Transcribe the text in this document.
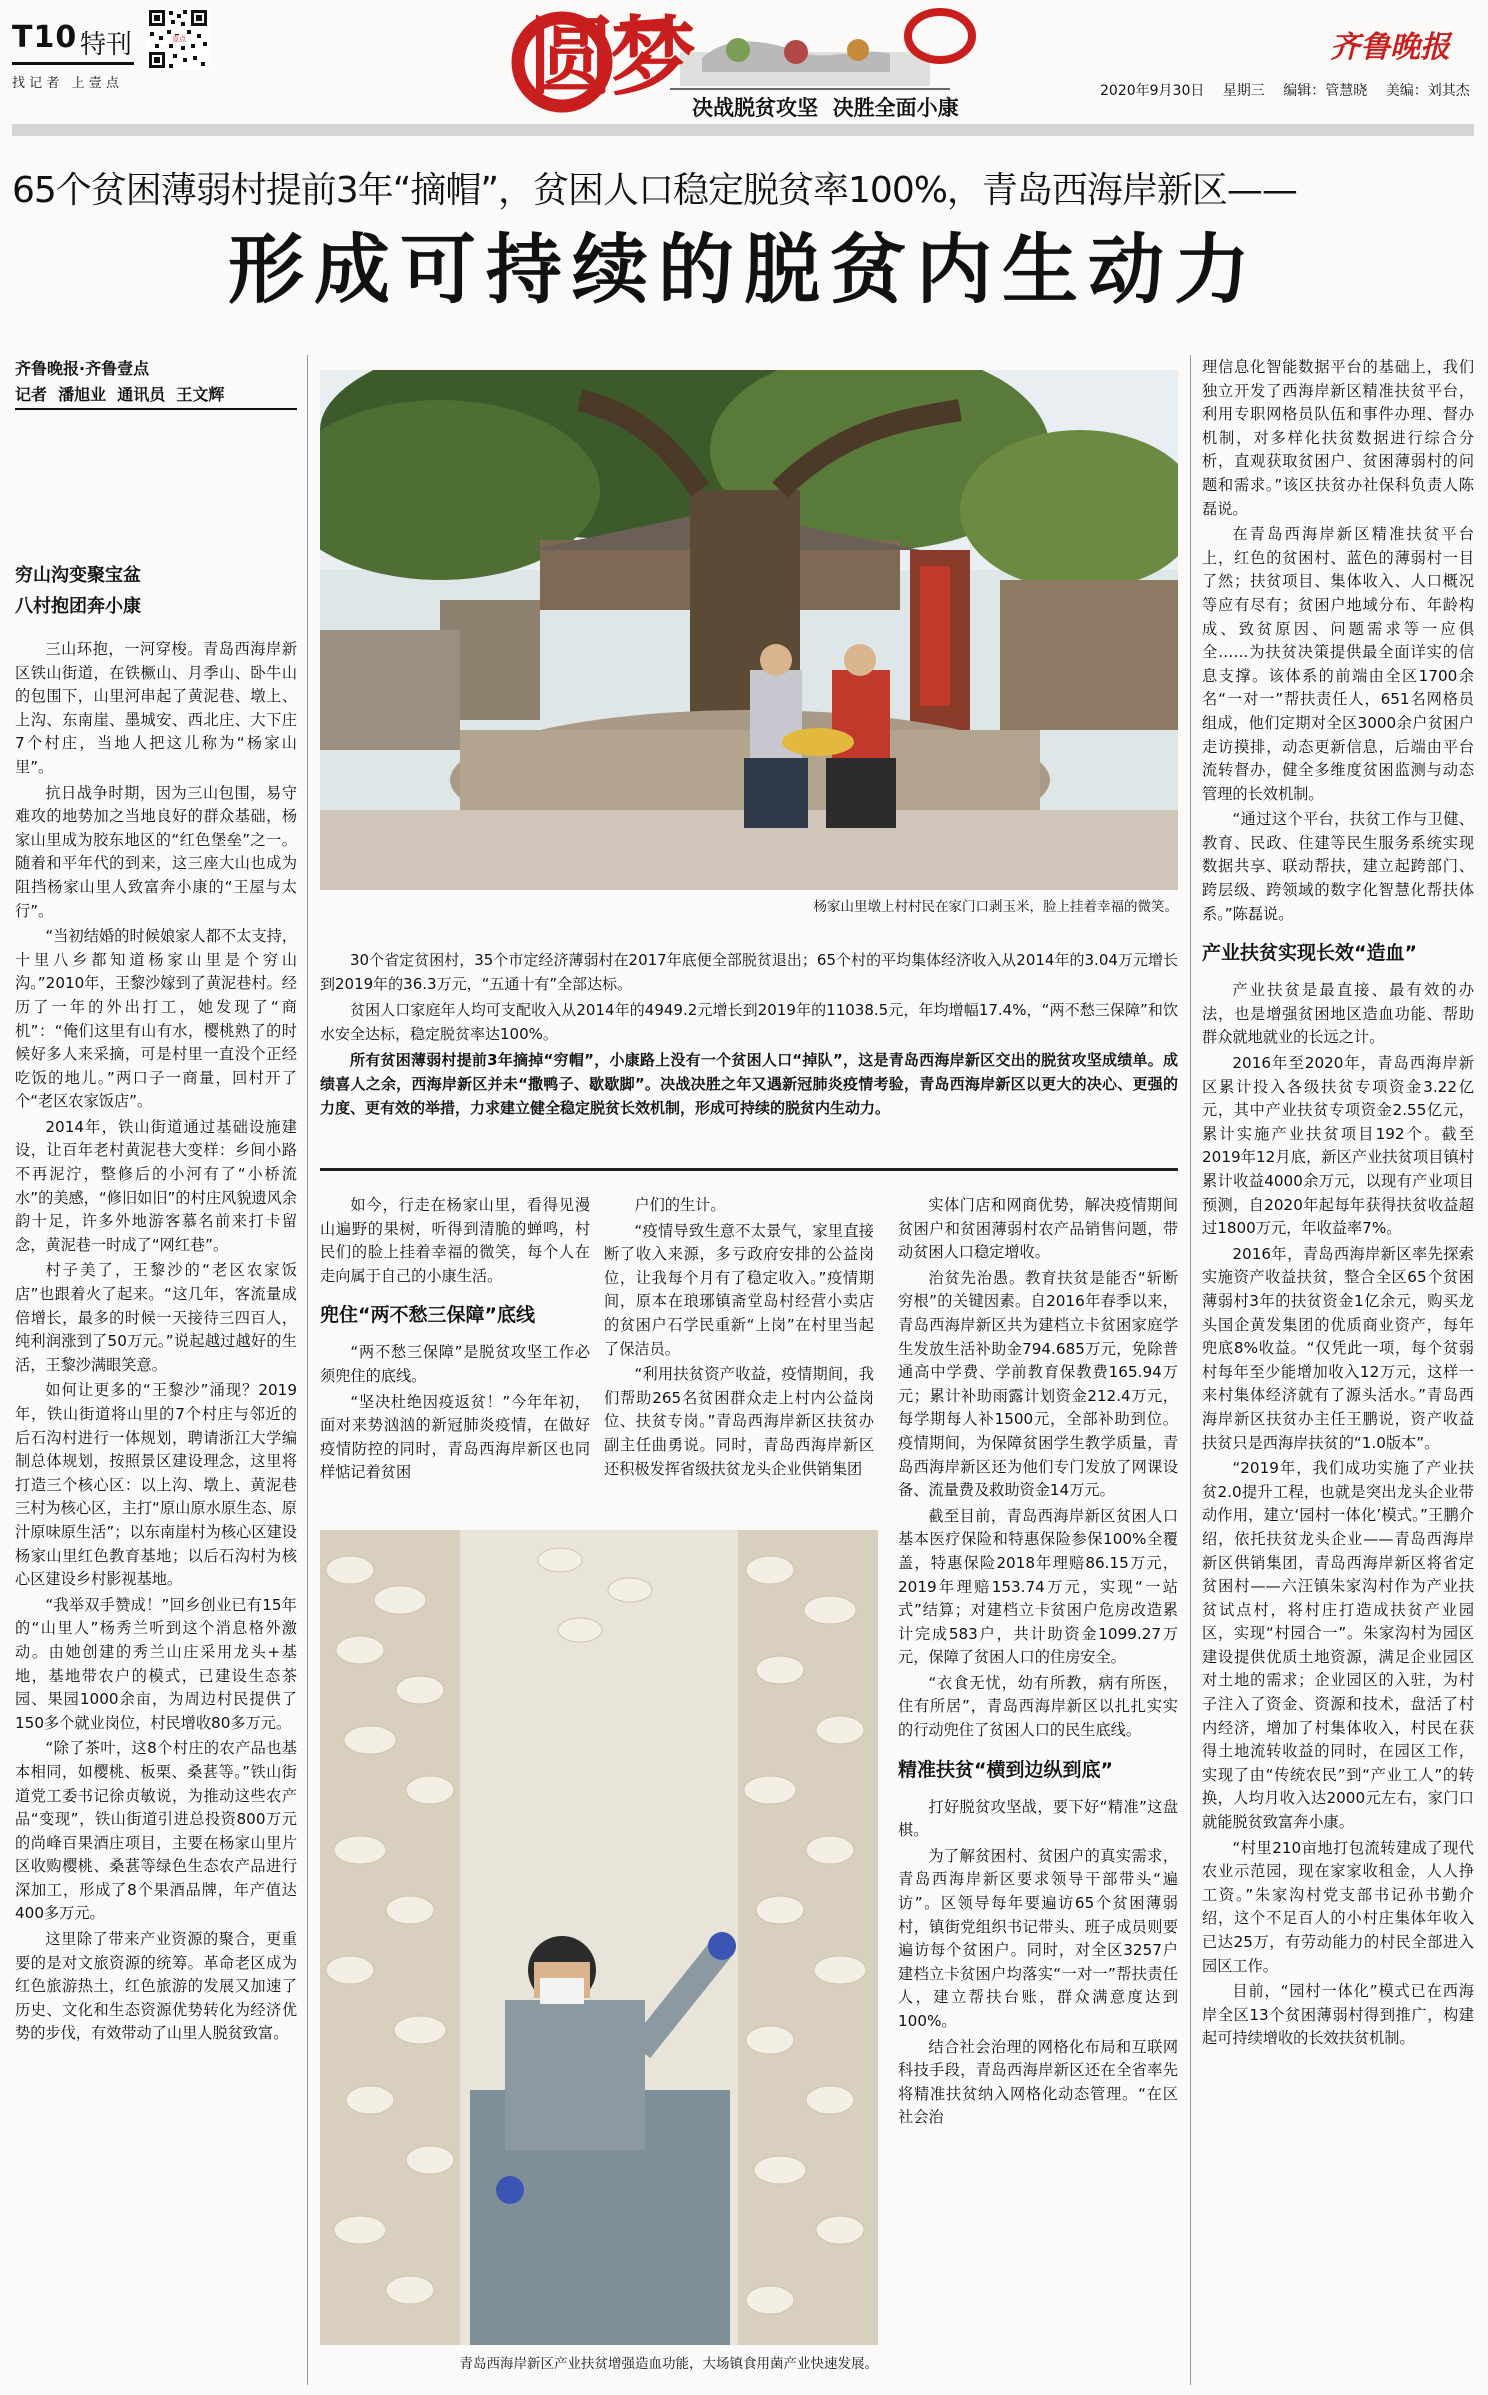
T10 特刊
找 记 者   上 壹 点
壹点	圆梦 决战脱贫攻坚  决胜全面小康
齐鲁晚报
2020年9月30日 星期三 编辑：管慧晓 美编：刘其杰
65个贫困薄弱村提前3年“摘帽”，贫困人口稳定脱贫率100%，青岛西海岸新区——
形成可持续的脱贫内生动力
齐鲁晚报·齐鲁壹点
记者  潘旭业  通讯员  王文辉
杨家山里墩上村村民在家门口剥玉米，脸上挂着幸福的微笑。

30个省定贫困村，35个市定经济薄弱村在2017年底便全部脱贫退出；65个村的平均集体经济收入从2014年的3.04万元增长到2019年的36.3万元，“五通十有”全部达标。

贫困人口家庭年人均可支配收入从2014年的4949.2元增长到2019年的11038.5元，年均增幅17.4%，“两不愁三保障”和饮水安全达标，稳定脱贫率达100%。

所有贫困薄弱村提前3年摘掉“穷帽”，小康路上没有一个贫困人口“掉队”，这是青岛西海岸新区交出的脱贫攻坚成绩单。成绩喜人之余，西海岸新区并未“撒鸭子、歇歇脚”。决战决胜之年又遇新冠肺炎疫情考验，青岛西海岸新区以更大的决心、更强的力度、更有效的举措，力求建立健全稳定脱贫长效机制，形成可持续的脱贫内生动力。

穷山沟变聚宝盆
八村抱团奔小康

三山环抱，一河穿梭。青岛西海岸新区铁山街道，在铁橛山、月季山、卧牛山的包围下，山里河串起了黄泥巷、墩上、上沟、东南崖、墨城安、西北庄、大下庄7个村庄，当地人把这儿称为“杨家山里”。

抗日战争时期，因为三山包围，易守难攻的地势加之当地良好的群众基础，杨家山里成为胶东地区的“红色堡垒”之一。随着和平年代的到来，这三座大山也成为阻挡杨家山里人致富奔小康的“王屋与太行”。

“当初结婚的时候娘家人都不太支持，十里八乡都知道杨家山里是个穷山沟。”2010年，王黎沙嫁到了黄泥巷村。经历了一年的外出打工，她发现了“商机”：“俺们这里有山有水，樱桃熟了的时候好多人来采摘，可是村里一直没个正经吃饭的地儿。”两口子一商量，回村开了个“老区农家饭店”。

2014年，铁山街道通过基础设施建设，让百年老村黄泥巷大变样：乡间小路不再泥泞，整修后的小河有了“小桥流水”的美感，“修旧如旧”的村庄风貌遗风余韵十足，许多外地游客慕名前来打卡留念，黄泥巷一时成了“网红巷”。

村子美了，王黎沙的“老区农家饭店”也跟着火了起来。“这几年，客流量成倍增长，最多的时候一天接待三四百人，纯利润涨到了50万元。”说起越过越好的生活，王黎沙满眼笑意。

如何让更多的“王黎沙”涌现？2019年，铁山街道将山里的7个村庄与邻近的后石沟村进行一体规划，聘请浙江大学编制总体规划，按照景区建设理念，这里将打造三个核心区：以上沟、墩上、黄泥巷三村为核心区，主打“原山原水原生态、原汁原味原生活”；以东南崖村为核心区建设杨家山里红色教育基地；以后石沟村为核心区建设乡村影视基地。

“我举双手赞成！”回乡创业已有15年的“山里人”杨秀兰听到这个消息格外激动。由她创建的秀兰山庄采用龙头+基地，基地带农户的模式，已建设生态茶园、果园1000余亩，为周边村民提供了150多个就业岗位，村民增收80多万元。

“除了茶叶，这8个村庄的农产品也基本相同，如樱桃、板栗、桑葚等。”铁山街道党工委书记徐贞敏说，为推动这些农产品“变现”，铁山街道引进总投资800万元的尚峰百果酒庄项目，主要在杨家山里片区收购樱桃、桑葚等绿色生态农产品进行深加工，形成了8个果酒品牌，年产值达400多万元。

这里除了带来产业资源的聚合，更重要的是对文旅资源的统筹。革命老区成为红色旅游热土，红色旅游的发展又加速了历史、文化和生态资源优势转化为经济优势的步伐，有效带动了山里人脱贫致富。

如今，行走在杨家山里，看得见漫山遍野的果树，听得到清脆的蝉鸣，村民们的脸上挂着幸福的微笑，每个人在走向属于自己的小康生活。

兜住“两不愁三保障”底线

“两不愁三保障”是脱贫攻坚工作必须兜住的底线。

“坚决杜绝因疫返贫！”今年年初，面对来势汹汹的新冠肺炎疫情，在做好疫情防控的同时，青岛西海岸新区也同样惦记着贫困

户们的生计。

“疫情导致生意不太景气，家里直接断了收入来源，多亏政府安排的公益岗位，让我每个月有了稳定收入。”疫情期间，原本在琅琊镇斋堂岛村经营小卖店的贫困户石学民重新“上岗”在村里当起了保洁员。

“利用扶贫资产收益，疫情期间，我们帮助265名贫困群众走上村内公益岗位、扶贫专岗。”青岛西海岸新区扶贫办副主任曲勇说。同时，青岛西海岸新区还积极发挥省级扶贫龙头企业供销集团

青岛西海岸新区产业扶贫增强造血功能，大场镇食用菌产业快速发展。

实体门店和网商优势，解决疫情期间贫困户和贫困薄弱村农产品销售问题，带动贫困人口稳定增收。

治贫先治愚。教育扶贫是能否“斩断穷根”的关键因素。自2016年春季以来，青岛西海岸新区共为建档立卡贫困家庭学生发放生活补助金794.685万元，免除普通高中学费、学前教育保教费165.94万元；累计补助雨露计划资金212.4万元，每学期每人补1500元，全部补助到位。疫情期间，为保障贫困学生教学质量，青岛西海岸新区还为他们专门发放了网课设备、流量费及救助资金14万元。

截至目前，青岛西海岸新区贫困人口基本医疗保险和特惠保险参保100%全覆盖，特惠保险2018年理赔86.15万元，2019年理赔153.74万元，实现“一站式”结算；对建档立卡贫困户危房改造累计完成583户，共计助资金1099.27万元，保障了贫困人口的住房安全。

“衣食无忧，幼有所教，病有所医，住有所居”，青岛西海岸新区以扎扎实实的行动兜住了贫困人口的民生底线。

精准扶贫“横到边纵到底”

打好脱贫攻坚战，要下好“精准”这盘棋。

为了解贫困村、贫困户的真实需求，青岛西海岸新区要求领导干部带头“遍访”。区领导每年要遍访65个贫困薄弱村，镇街党组织书记带头、班子成员则要遍访每个贫困户。同时，对全区3257户建档立卡贫困户均落实“一对一”帮扶责任人，建立帮扶台账，群众满意度达到100%。

结合社会治理的网格化布局和互联网科技手段，青岛西海岸新区还在全省率先将精准扶贫纳入网格化动态管理。“在区社会治

理信息化智能数据平台的基础上，我们独立开发了西海岸新区精准扶贫平台，利用专职网格员队伍和事件办理、督办机制，对多样化扶贫数据进行综合分析，直观获取贫困户、贫困薄弱村的问题和需求。”该区扶贫办社保科负责人陈磊说。

在青岛西海岸新区精准扶贫平台上，红色的贫困村、蓝色的薄弱村一目了然；扶贫项目、集体收入、人口概况等应有尽有；贫困户地域分布、年龄构成、致贫原因、问题需求等一应俱全……为扶贫决策提供最全面详实的信息支撑。该体系的前端由全区1700余名“一对一”帮扶责任人，651名网格员组成，他们定期对全区3000余户贫困户走访摸排，动态更新信息，后端由平台流转督办，健全多维度贫困监测与动态管理的长效机制。

“通过这个平台，扶贫工作与卫健、教育、民政、住建等民生服务系统实现数据共享、联动帮扶，建立起跨部门、跨层级、跨领域的数字化智慧化帮扶体系。”陈磊说。

产业扶贫实现长效“造血”

产业扶贫是最直接、最有效的办法，也是增强贫困地区造血功能、帮助群众就地就业的长远之计。

2016年至2020年，青岛西海岸新区累计投入各级扶贫专项资金3.22亿元，其中产业扶贫专项资金2.55亿元，累计实施产业扶贫项目192个。截至2019年12月底，新区产业扶贫项目镇村累计收益4000余万元，以现有产业项目预测，自2020年起每年获得扶贫收益超过1800万元，年收益率7%。

2016年，青岛西海岸新区率先探索实施资产收益扶贫，整合全区65个贫困薄弱村3年的扶贫资金1亿余元，购买龙头国企黄发集团的优质商业资产，每年兜底8%收益。“仅凭此一项，每个贫弱村每年至少能增加收入12万元，这样一来村集体经济就有了源头活水。”青岛西海岸新区扶贫办主任王鹏说，资产收益扶贫只是西海岸扶贫的“1.0版本”。

“2019年，我们成功实施了产业扶贫2.0提升工程，也就是突出龙头企业带动作用，建立‘园村一体化’模式。”王鹏介绍，依托扶贫龙头企业——青岛西海岸新区供销集团，青岛西海岸新区将省定贫困村——六汪镇朱家沟村作为产业扶贫试点村，将村庄打造成扶贫产业园区，实现“村园合一”。朱家沟村为园区建设提供优质土地资源，满足企业园区对土地的需求；企业园区的入驻，为村子注入了资金、资源和技术，盘活了村内经济，增加了村集体收入，村民在获得土地流转收益的同时，在园区工作，实现了由“传统农民”到“产业工人”的转换，人均月收入达2000元左右，家门口就能脱贫致富奔小康。

“村里210亩地打包流转建成了现代农业示范园，现在家家收租金，人人挣工资。”朱家沟村党支部书记孙书勤介绍，这个不足百人的小村庄集体年收入已达25万，有劳动能力的村民全部进入园区工作。

目前，“园村一体化”模式已在西海岸全区13个贫困薄弱村得到推广，构建起可持续增收的长效扶贫机制。
